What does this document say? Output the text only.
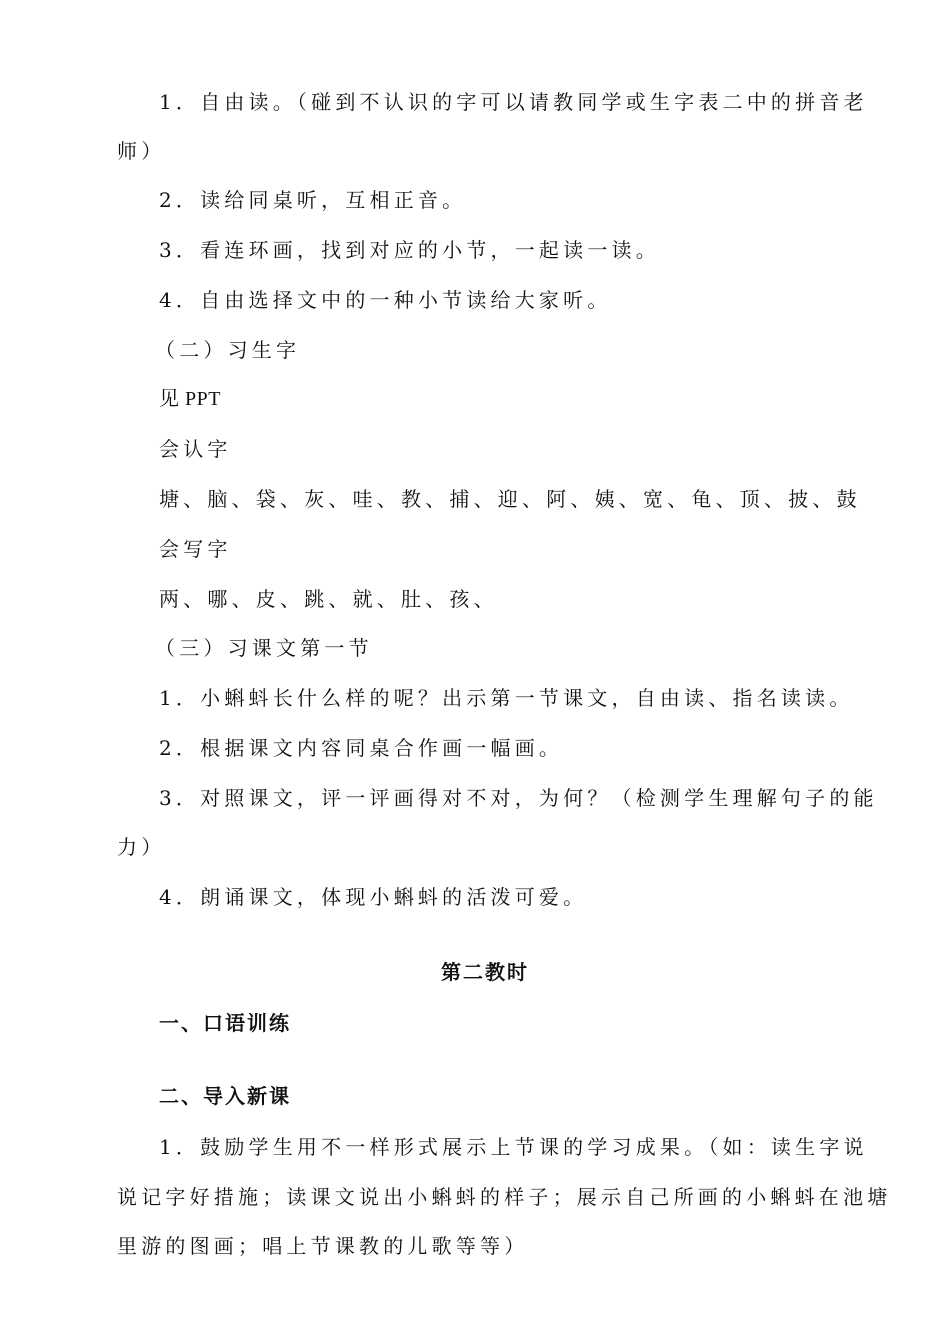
1．自由读。（碰到不认识的字可以请教同学或生字表二中的拼音老
师）
2．读给同桌听，互相正音。
3．看连环画，找到对应的小节，一起读一读。
4．自由选择文中的一种小节读给大家听。
（二）习生字
见 PPT
会认字
塘、脑、袋、灰、哇、教、捕、迎、阿、姨、宽、龟、顶、披、鼓
会写字
两、哪、皮、跳、就、肚、孩、
（三）习课文第一节
1．小蝌蚪长什么样的呢？出示第一节课文，自由读、指名读读。
2．根据课文内容同桌合作画一幅画。
3．对照课文，评一评画得对不对，为何？（检测学生理解句子的能
力）
4．朗诵课文，体现小蝌蚪的活泼可爱。
第二教时
一、口语训练
二、导入新课
1．鼓励学生用不一样形式展示上节课的学习成果。（如：读生字说
说记字好措施；读课文说出小蝌蚪的样子；展示自己所画的小蝌蚪在池塘
里游的图画；唱上节课教的儿歌等等）
